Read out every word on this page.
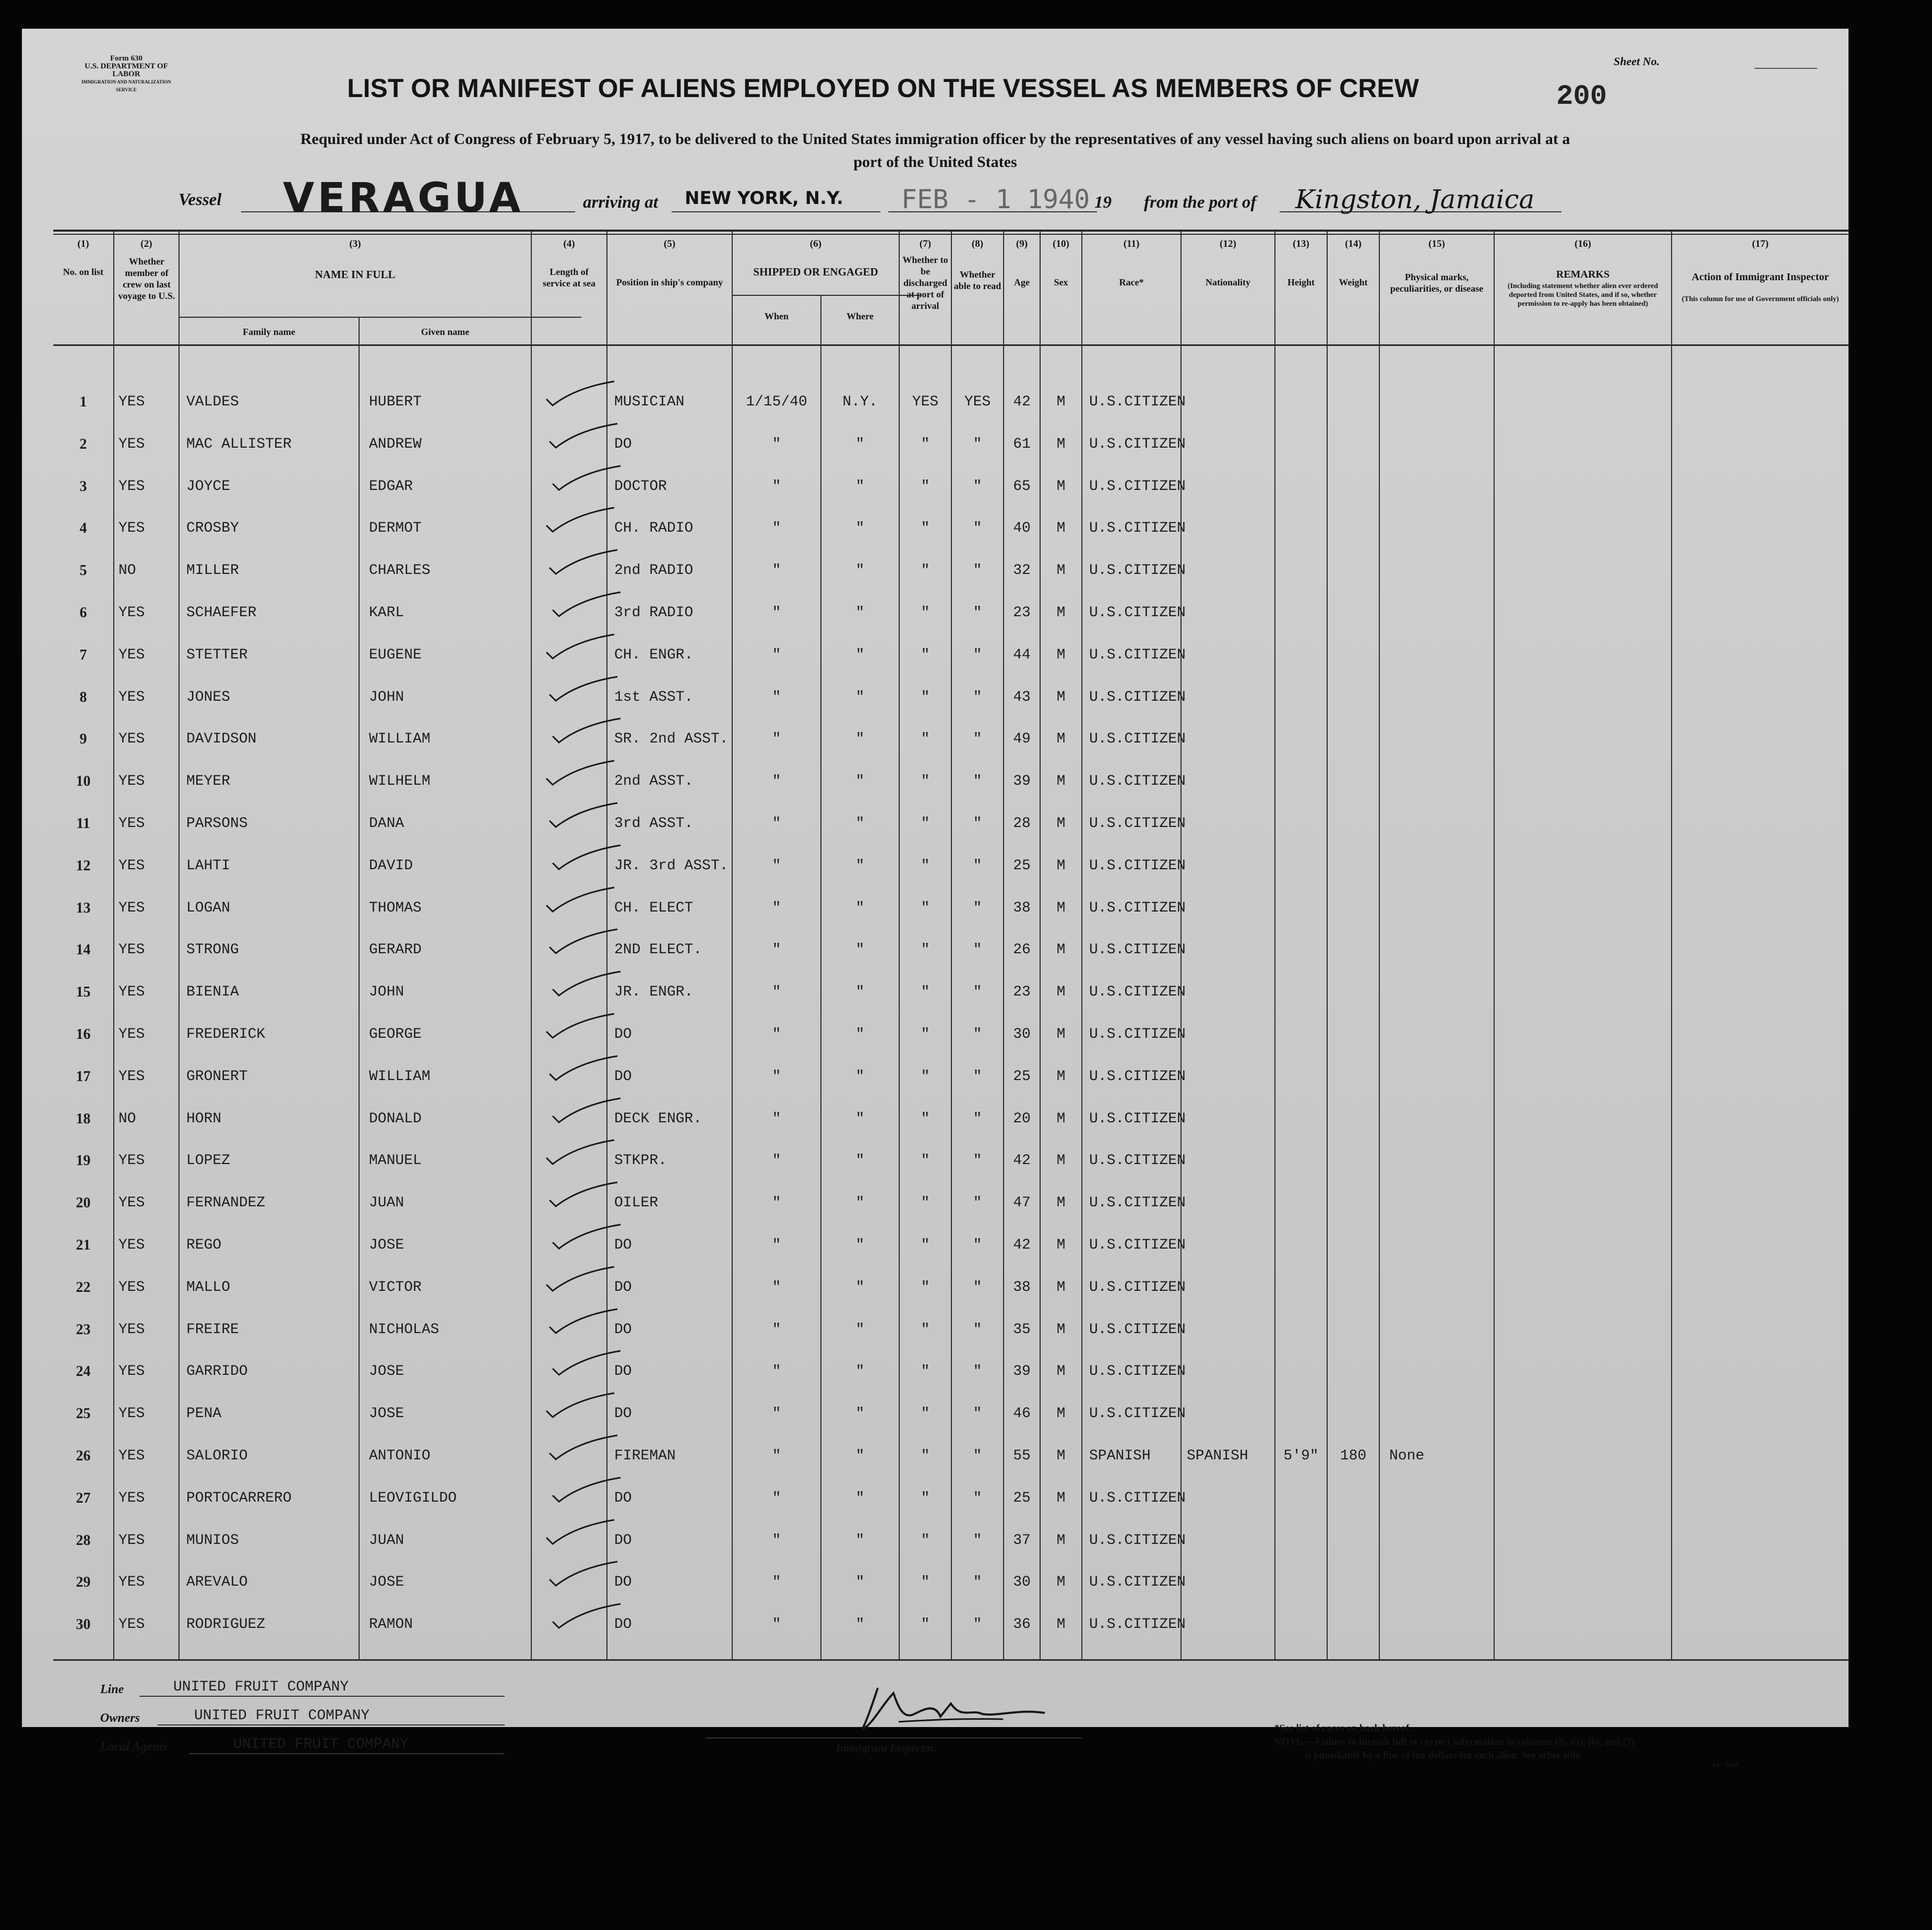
Form 630
U.S. DEPARTMENT OF LABOR
IMMIGRATION AND NATURALIZATION SERVICE
Sheet No.
200
LIST OR MANIFEST OF ALIENS EMPLOYED ON THE VESSEL AS MEMBERS OF CREW
Required under Act of Congress of February 5, 1917, to be delivered to the United States immigration officer by the representatives of any vessel having such aliens on board upon arrival at a
port of the United States
Vessel VERAGUA	arriving at NEW YORK, N.Y. FEB - 1 1940 19 from the port of Kingston, Jamaica
(1)	(2)	(3)	(4)	(5)	(6)	(7)	(8)	(9)	(10)	(11)	(12)	(13)	(14)	(15)	(16)	(17)
No. on list
Whether member of crew on last voyage to U.S.
NAME IN FULL
Family name	Given name
Length of service at sea	Position in ship's company
SHIPPED OR ENGAGED
When	Where
Whether to be discharged at port of arrival
Whether able to read	Age	Sex	Race*	Nationality	Height	Weight	Physical marks, peculiarities, or disease
REMARKS
(Including statement whether alien ever ordered deported from United States, and if so, whether permission to re-apply has been obtained)
Action of Immigrant Inspector
(This column for use of Government officials only)
1	YES	VALDES	HUBERT	MUSICIAN	1/15/40	N.Y.	YES	YES	42	M	U.S.CITIZEN
2	YES	MAC ALLISTER	ANDREW	DO	"	"	"	"	61	M	U.S.CITIZEN
3	YES	JOYCE	EDGAR	DOCTOR	"	"	"	"	65	M	U.S.CITIZEN
4	YES	CROSBY	DERMOT	CH. RADIO	"	"	"	"	40	M	U.S.CITIZEN
5	NO	MILLER	CHARLES	2nd RADIO	"	"	"	"	32	M	U.S.CITIZEN
6	YES	SCHAEFER	KARL	3rd RADIO	"	"	"	"	23	M	U.S.CITIZEN
7	YES	STETTER	EUGENE	CH. ENGR.	"	"	"	"	44	M	U.S.CITIZEN
8	YES	JONES	JOHN	1st ASST.	"	"	"	"	43	M	U.S.CITIZEN
9	YES	DAVIDSON	WILLIAM	SR. 2nd ASST.	"	"	"	"	49	M	U.S.CITIZEN
10	YES	MEYER	WILHELM	2nd ASST.	"	"	"	"	39	M	U.S.CITIZEN
11	YES	PARSONS	DANA	3rd ASST.	"	"	"	"	28	M	U.S.CITIZEN
12	YES	LAHTI	DAVID	JR. 3rd ASST.	"	"	"	"	25	M	U.S.CITIZEN
13	YES	LOGAN	THOMAS	CH. ELECT	"	"	"	"	38	M	U.S.CITIZEN
14	YES	STRONG	GERARD	2ND ELECT.	"	"	"	"	26	M	U.S.CITIZEN
15	YES	BIENIA	JOHN	JR. ENGR.	"	"	"	"	23	M	U.S.CITIZEN
16	YES	FREDERICK	GEORGE	DO	"	"	"	"	30	M	U.S.CITIZEN
17	YES	GRONERT	WILLIAM	DO	"	"	"	"	25	M	U.S.CITIZEN
18	NO	HORN	DONALD	DECK ENGR.	"	"	"	"	20	M	U.S.CITIZEN
19	YES	LOPEZ	MANUEL	STKPR.	"	"	"	"	42	M	U.S.CITIZEN
20	YES	FERNANDEZ	JUAN	OILER	"	"	"	"	47	M	U.S.CITIZEN
21	YES	REGO	JOSE	DO	"	"	"	"	42	M	U.S.CITIZEN
22	YES	MALLO	VICTOR	DO	"	"	"	"	38	M	U.S.CITIZEN
23	YES	FREIRE	NICHOLAS	DO	"	"	"	"	35	M	U.S.CITIZEN
24	YES	GARRIDO	JOSE	DO	"	"	"	"	39	M	U.S.CITIZEN
25	YES	PENA	JOSE	DO	"	"	"	"	46	M	U.S.CITIZEN
26	YES	SALORIO	ANTONIO	FIREMAN	"	"	"	"	55	M	SPANISH	SPANISH	5'9"	180	None
27	YES	PORTOCARRERO	LEOVIGILDO	DO	"	"	"	"	25	M	U.S.CITIZEN
28	YES	MUNIOS	JUAN	DO	"	"	"	"	37	M	U.S.CITIZEN
29	YES	AREVALO	JOSE	DO	"	"	"	"	30	M	U.S.CITIZEN
30	YES	RODRIGUEZ	RAMON	DO	"	"	"	"	36	M	U.S.CITIZEN
Line	UNITED FRUIT COMPANY
Owners	UNITED FRUIT COMPANY
Local Agents	UNITED FRUIT COMPANY	Immigrant Inspector.
*See list of races on back hereof.
NOTE.—Failure to furnish full or correct information in columns (3), (5), (6), and (7)
is punishable by a fine of ten dollars for each alien. See other side.
14—1940
